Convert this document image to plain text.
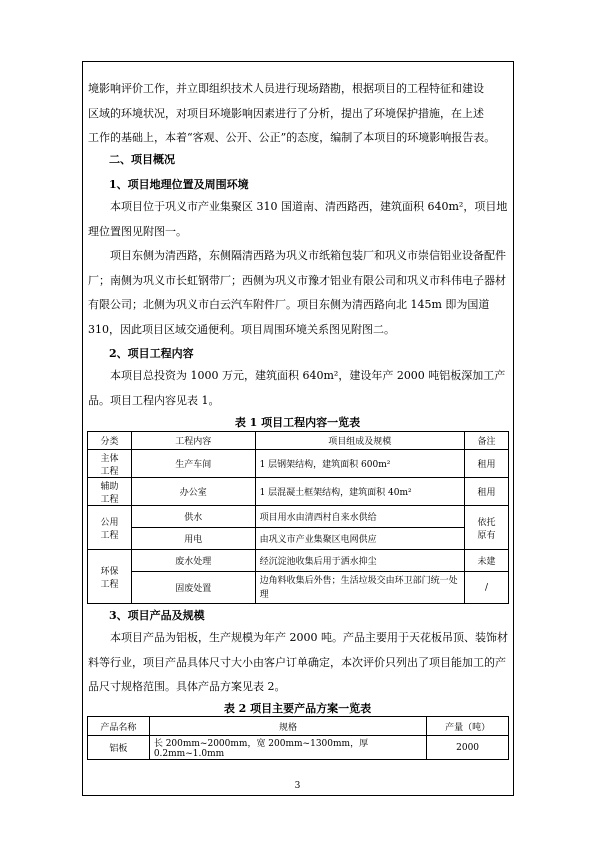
境影响评价工作，并立即组织技术人员进行现场踏勘，根据项目的工程特征和建设

区域的环境状况，对项目环境影响因素进行了分析，提出了环境保护措施，在上述

工作的基础上，本着“客观、公开、公正”的态度，编制了本项目的环境影响报告表。

二、项目概况
1、项目地理位置及周围环境

本项目位于巩义市产业集聚区 310 国道南、清西路西，建筑面积 640m²，项目地理位置图见附图一。

项目东侧为清西路，东侧隔清西路为巩义市纸箱包装厂和巩义市崇信铝业设备配件厂；南侧为巩义市长虹钢带厂；西侧为巩义市豫才铝业有限公司和巩义市科伟电子器材有限公司；北侧为巩义市白云汽车附件厂。项目东侧为清西路向北 145m 即为国道 310，因此项目区域交通便利。项目周围环境关系图见附图二。

2、项目工程内容

本项目总投资为 1000 万元，建筑面积 640m²，建设年产 2000 吨铝板深加工产品。项目工程内容见表 1。

表 1 项目工程内容一览表
分类	工程内容	项目组成及规模	备注
主体工程	生产车间	1 层钢架结构，建筑面积 600m²	租用
辅助工程	办公室	1 层混凝土框架结构，建筑面积 40m²	租用
公用工程	供水	项目用水由清西村自来水供给	依托原有
	用电	由巩义市产业集聚区电网供应	
环保工程	废水处理	经沉淀池收集后用于洒水抑尘	未建
	固废处置	边角料收集后外售；生活垃圾交由环卫部门统一处理	/
3、项目产品及规模

本项目产品为铝板，生产规模为年产 2000 吨。产品主要用于天花板吊顶、装饰材料等行业，项目产品具体尺寸大小由客户订单确定，本次评价只列出了项目能加工的产品尺寸规格范围。具体产品方案见表 2。

表 2 项目主要产品方案一览表
产品名称	规格	产量（吨）
铝板	长 200mm~2000mm，宽 200mm~1300mm，厚 0.2mm~1.0mm	2000
3
